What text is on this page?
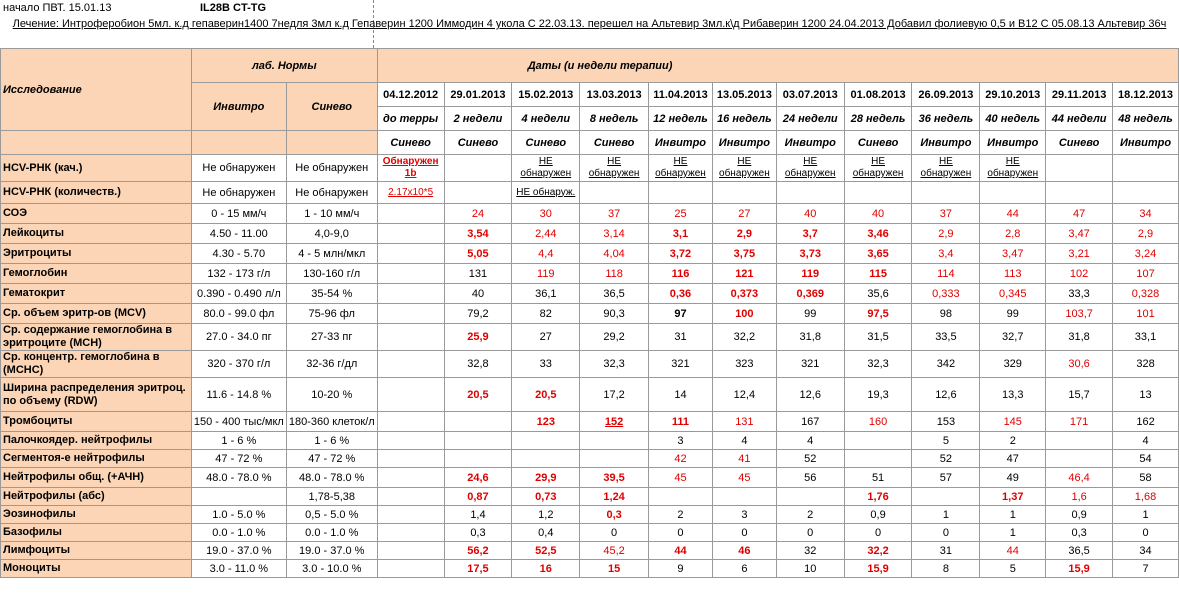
начало ПВТ. 15.01.13	IL28B CT-TG
Лечение: Интроферобион 5мл. к.д гепаверин1400 7недля 3мл к.д Гепаверин 1200 Иммодин 4 укола С 22.03.13. перешел на Альтевир 3мл.к\д Рибаверин 1200 24.04.2013 Добавил фолиевую 0,5 и В12 С 05.08.13 Альтевир 36ч
Исследование	лаб. Нормы		Даты (и недели терапии)											
	Инвитро	Синево	04.12.2012	29.01.2013	15.02.2013	13.03.2013	11.04.2013	13.05.2013	03.07.2013	01.08.2013	26.09.2013	29.10.2013	29.11.2013	18.12.2013
			до терры	2 недели	4 недели	8 недель	12 недель	16 недель	24 недели	28 недель	36 недель	40 недель	44 недели	48 недель
			Синево	Синево	Синево	Синево	Инвитро	Инвитро	Инвитро	Синево	Инвитро	Инвитро	Синево	Инвитро
HCV-РНК (кач.)	Не обнаружен	Не обнаружен	Обнаружен 1b		НЕ обнаружен	НЕ обнаружен	НЕ обнаружен	НЕ обнаружен	НЕ обнаружен	НЕ обнаружен	НЕ обнаружен	НЕ обнаружен		
HCV-РНК (количеств.)	Не обнаружен	Не обнаружен	2.17х10*5		НЕ обнаруж.									
СОЭ	0 - 15 мм/ч	1 - 10 мм/ч		24	30	37	25	27	40	40	37	44	47	34
Лейкоциты	4.50 - 11.00	4,0-9,0		3,54	2,44	3,14	3,1	2,9	3,7	3,46	2,9	2,8	3,47	2,9
Эритроциты	4.30 - 5.70	4 - 5 млн/мкл		5,05	4,4	4,04	3,72	3,75	3,73	3,65	3,4	3,47	3,21	3,24
Гемоглобин	132 - 173 г/л	130-160 г/л		131	119	118	116	121	119	115	114	113	102	107
Гематокрит	0.390 - 0.490 л/л	35-54 %		40	36,1	36,5	0,36	0,373	0,369	35,6	0,333	0,345	33,3	0,328
Ср. объем эритр-ов (MCV)	80.0 - 99.0 фл	75-96 фл		79,2	82	90,3	97	100	99	97,5	98	99	103,7	101
Ср. содержание гемоглобина в эритроците (MCH)	27.0 - 34.0 пг	27-33 пг		25,9	27	29,2	31	32,2	31,8	31,5	33,5	32,7	31,8	33,1
Ср. концентр. гемоглобина в (MCHC)	320 - 370 г/л	32-36 г/дл		32,8	33	32,3	321	323	321	32,3	342	329	30,6	328
Ширина распределения эритроц. по объему (RDW)	11.6 - 14.8 %	10-20 %		20,5	20,5	17,2	14	12,4	12,6	19,3	12,6	13,3	15,7	13
Тромбоциты	150 - 400 тыс/мкл	180-360 клеток/л			123	152	111	131	167	160	153	145	171	162
Палочкоядер. нейтрофилы	1 - 6 %	1 - 6 %					3	4	4		5	2		4
Сегментоя-е нейтрофилы	47 - 72 %	47 - 72 %					42	41	52		52	47		54
Нейтрофилы общ. (+АЧН)	48.0 - 78.0 %	48.0 - 78.0 %		24,6	29,9	39,5	45	45	56	51	57	49	46,4	58
Нейтрофилы (абс)		1,78-5,38		0,87	0,73	1,24				1,76		1,37	1,6	1,68
Эозинофилы	1.0 - 5.0 %	0,5 - 5.0 %		1,4	1,2	0,3	2	3	2	0,9	1	1	0,9	1
Базофилы	0.0 - 1.0 %	0.0 - 1.0 %		0,3	0,4	0	0	0	0	0	0	1	0,3	0
Лимфоциты	19.0 - 37.0 %	19.0 - 37.0 %		56,2	52,5	45,2	44	46	32	32,2	31	44	36,5	34
Моноциты	3.0 - 11.0 %	3.0 - 10.0 %		17,5	16	15	9	6	10	15,9	8	5	15,9	7
